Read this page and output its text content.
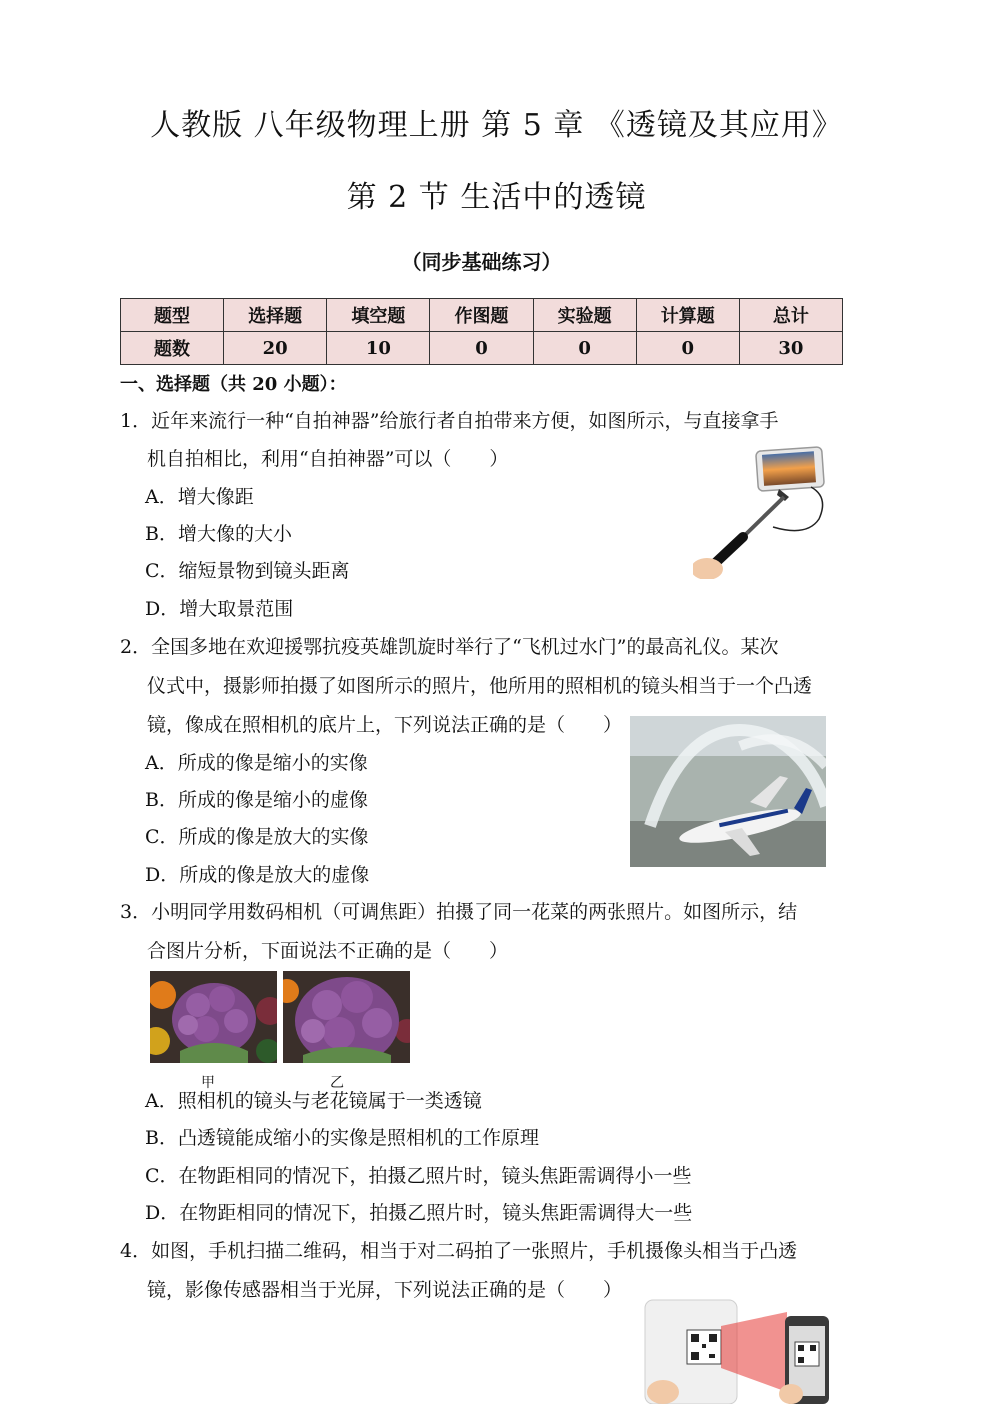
人教版 八年级物理上册 第 5 章 《透镜及其应用》
第 2 节 生活中的透镜
（同步基础练习）
题型	选择题	填空题	作图题	实验题	计算题	总计
题数	20	10	0	0	0	30
一、选择题（共 20 小题）：
1．近年来流行一种“自拍神器”给旅行者自拍带来方便，如图所示，与直接拿手
机自拍相比，利用“自拍神器”可以（　　）
A．增大像距
B．增大像的大小
C．缩短景物到镜头距离
D．增大取景范围
2．全国多地在欢迎援鄂抗疫英雄凯旋时举行了“飞机过水门”的最高礼仪。某次
仪式中，摄影师拍摄了如图所示的照片，他所用的照相机的镜头相当于一个凸透
镜，像成在照相机的底片上，下列说法正确的是（　　）
A．所成的像是缩小的实像
B．所成的像是缩小的虚像
C．所成的像是放大的实像
D．所成的像是放大的虚像
3．小明同学用数码相机（可调焦距）拍摄了同一花菜的两张照片。如图所示，结
合图片分析，下面说法不正确的是（　　）
甲	乙
A．照相机的镜头与老花镜属于一类透镜
B．凸透镜能成缩小的实像是照相机的工作原理
C．在物距相同的情况下，拍摄乙照片时，镜头焦距需调得小一些
D．在物距相同的情况下，拍摄乙照片时，镜头焦距需调得大一些
4．如图，手机扫描二维码，相当于对二码拍了一张照片，手机摄像头相当于凸透
镜，影像传感器相当于光屏，下列说法正确的是（　　）
